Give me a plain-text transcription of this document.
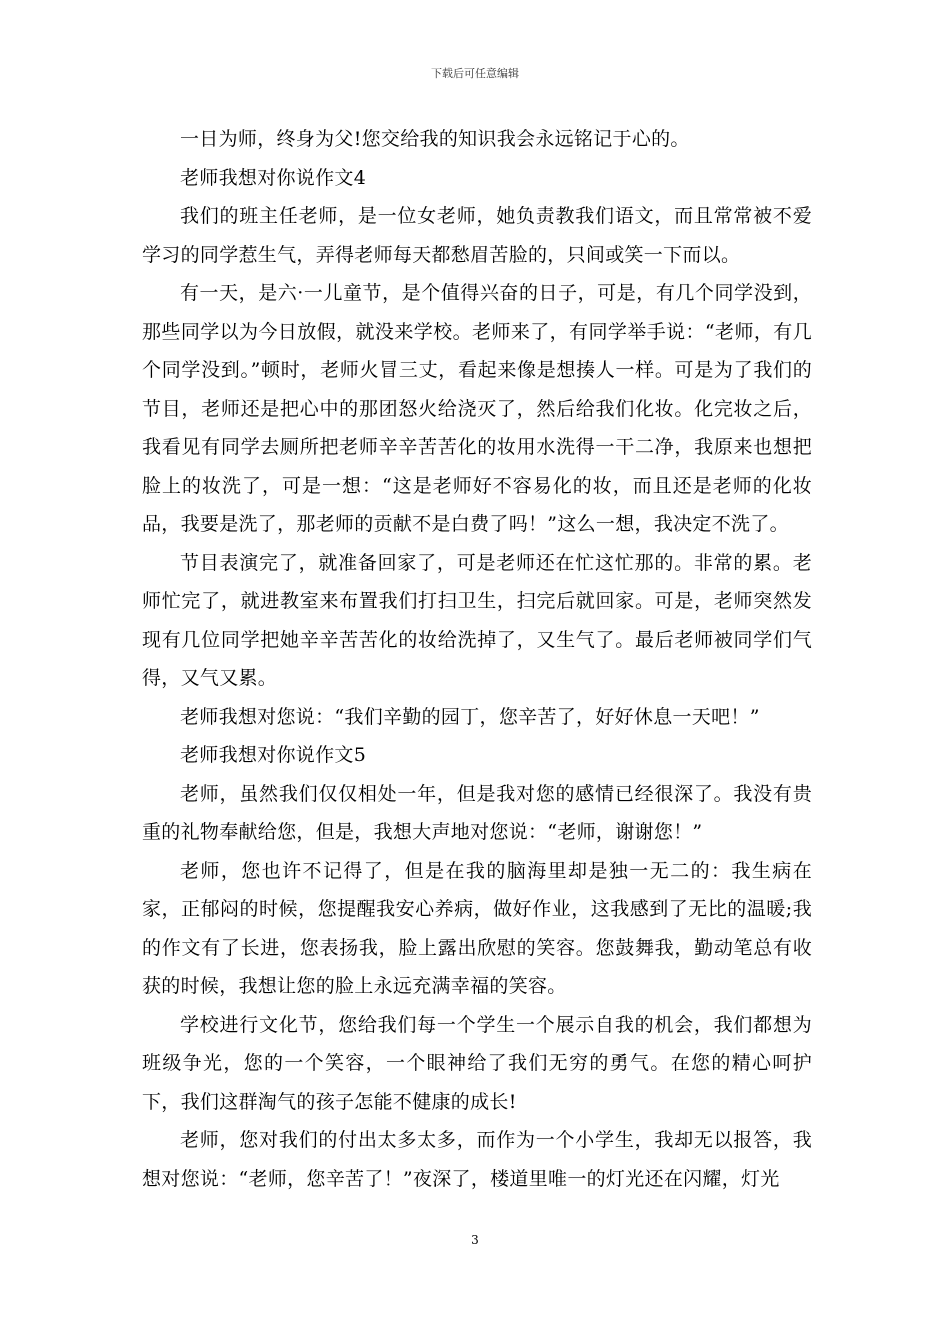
下载后可任意编辑

一日为师，终身为父!您交给我的知识我会永远铭记于心的。

老师我想对你说作文4

我们的班主任老师，是一位女老师，她负责教我们语文，而且常常被不爱学习的同学惹生气，弄得老师每天都愁眉苦脸的，只间或笑一下而以。

有一天，是六·一儿童节，是个值得兴奋的日子，可是，有几个同学没到，那些同学以为今日放假，就没来学校。老师来了，有同学举手说：“老师，有几个同学没到。”顿时，老师火冒三丈，看起来像是想揍人一样。可是为了我们的节目，老师还是把心中的那团怒火给浇灭了，然后给我们化妆。化完妆之后，我看见有同学去厕所把老师辛辛苦苦化的妆用水洗得一干二净，我原来也想把脸上的妆洗了，可是一想：“这是老师好不容易化的妆，而且还是老师的化妆品，我要是洗了，那老师的贡献不是白费了吗！”这么一想，我决定不洗了。

节目表演完了，就准备回家了，可是老师还在忙这忙那的。非常的累。老师忙完了，就进教室来布置我们打扫卫生，扫完后就回家。可是，老师突然发现有几位同学把她辛辛苦苦化的妆给洗掉了，又生气了。最后老师被同学们气得，又气又累。

老师我想对您说：“我们辛勤的园丁，您辛苦了，好好休息一天吧！”

老师我想对你说作文5

老师，虽然我们仅仅相处一年，但是我对您的感情已经很深了。我没有贵重的礼物奉献给您，但是，我想大声地对您说：“老师，谢谢您！”

老师，您也许不记得了，但是在我的脑海里却是独一无二的：我生病在家，正郁闷的时候，您提醒我安心养病，做好作业，这我感到了无比的温暖;我的作文有了长进，您表扬我，脸上露出欣慰的笑容。您鼓舞我，勤动笔总有收获的时候，我想让您的脸上永远充满幸福的笑容。

学校进行文化节，您给我们每一个学生一个展示自我的机会，我们都想为班级争光，您的一个笑容，一个眼神给了我们无穷的勇气。在您的精心呵护下，我们这群淘气的孩子怎能不健康的成长!

老师，您对我们的付出太多太多，而作为一个小学生，我却无以报答，我想对您说：“老师，您辛苦了！”夜深了，楼道里唯一的灯光还在闪耀，灯光

3
